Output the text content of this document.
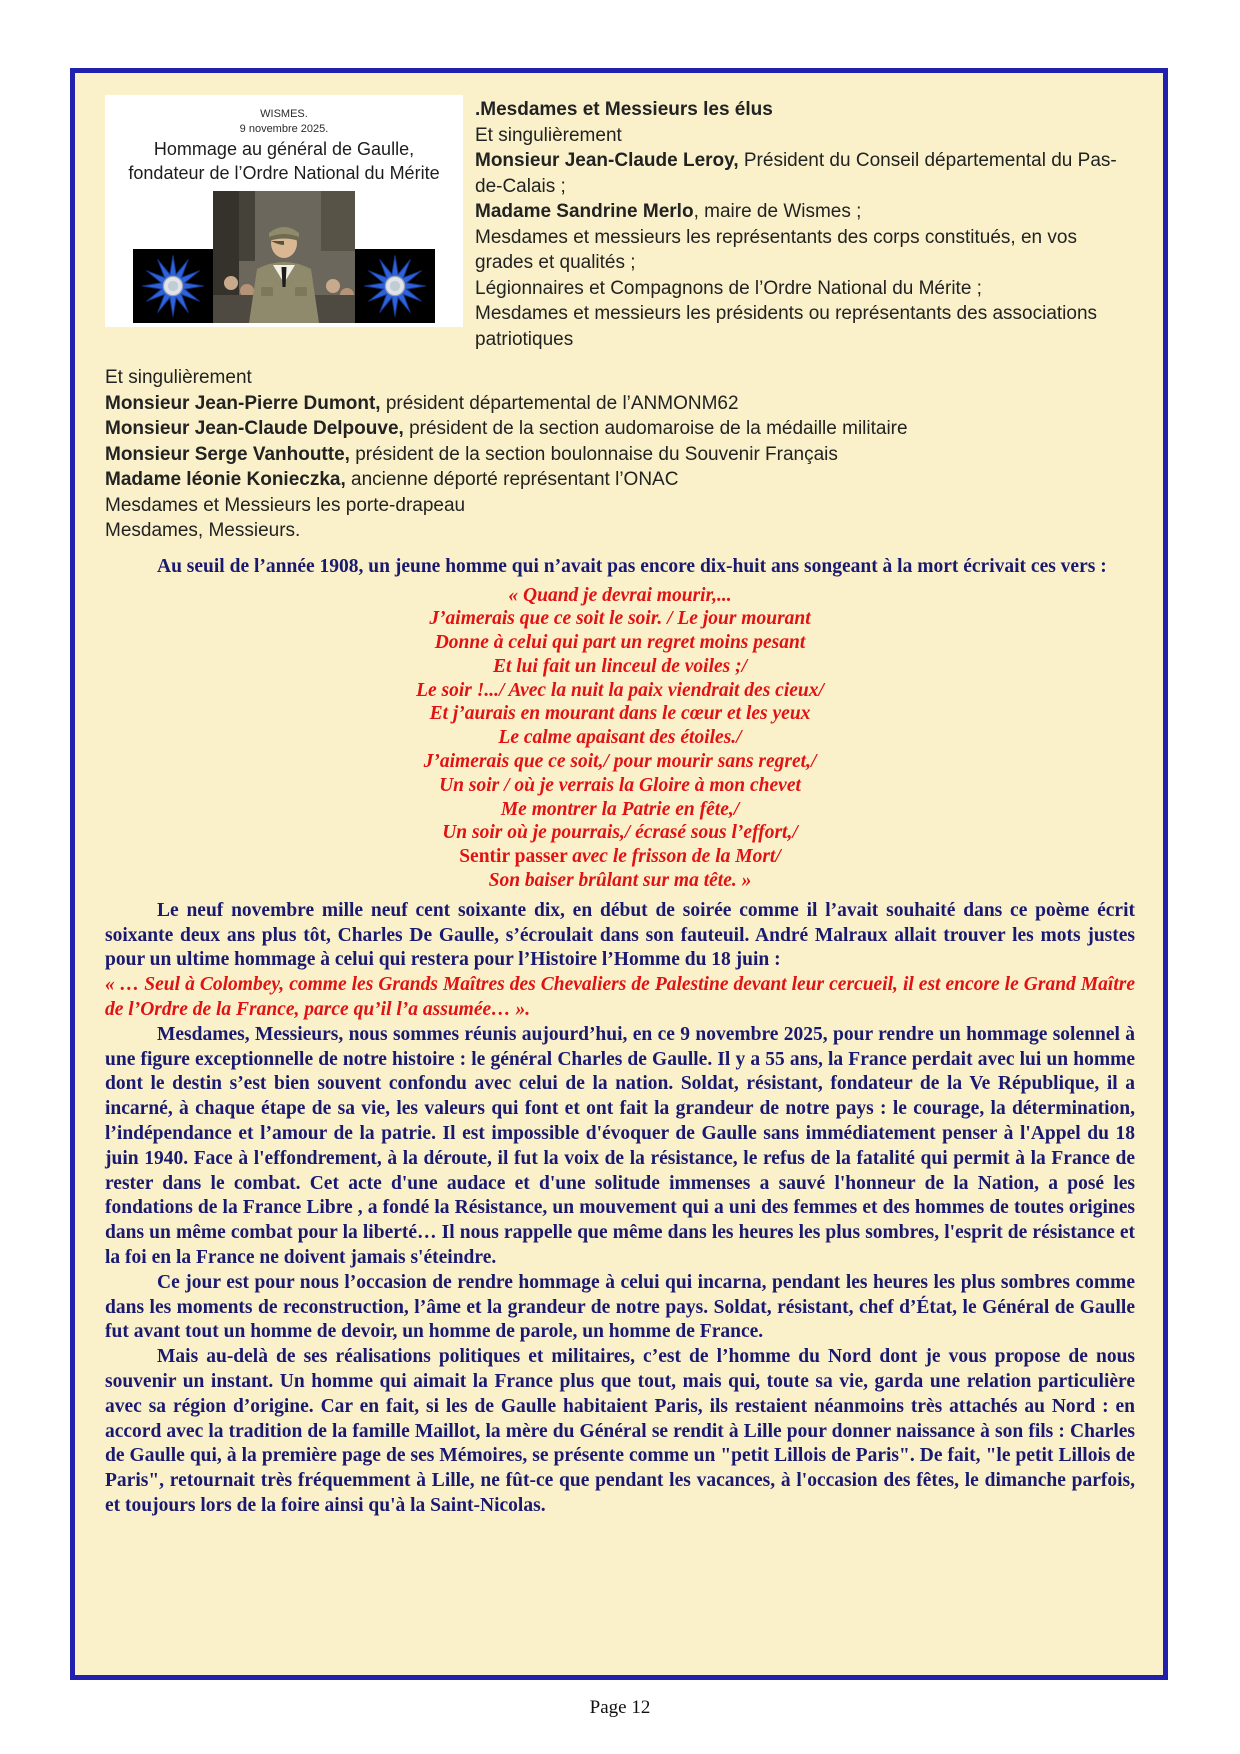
WISMES.
9 novembre 2025.
Hommage au général de Gaulle,
fondateur de l’Ordre National du Mérite
.Mesdames et Messieurs les élus
Et singulièrement
Monsieur Jean-Claude Leroy, Président du Conseil départemental du Pas-de-Calais ;
Madame Sandrine Merlo, maire de Wismes ;
Mesdames et messieurs les représentants des corps constitués, en vos grades et qualités ;
Légionnaires et Compagnons de l’Ordre National du Mérite ;
Mesdames et messieurs les présidents ou représentants des associations patriotiques
Et singulièrement
Monsieur Jean-Pierre Dumont, président départemental de l’ANMONM62
Monsieur Jean-Claude Delpouve, président de la section audomaroise de la médaille militaire
Monsieur Serge Vanhoutte, président de la section boulonnaise du Souvenir Français
Madame léonie Konieczka, ancienne déporté représentant l’ONAC
Mesdames et Messieurs les porte-drapeau
Mesdames, Messieurs.
Au seuil de l’année 1908, un jeune homme qui n’avait pas encore dix-huit ans songeant à la mort écrivait ces vers :
« Quand je devrai mourir,...
J’aimerais que ce soit le soir. / Le jour mourant
Donne à celui qui part un regret moins pesant
Et lui fait un linceul de voiles ;/
Le soir !.../ Avec la nuit la paix viendrait des cieux/
Et j’aurais en mourant dans le cœur et les yeux
Le calme apaisant des étoiles./
J’aimerais que ce soit,/ pour mourir sans regret,/
Un soir / où je verrais la Gloire à mon chevet
Me montrer la Patrie en fête,/
Un soir où je pourrais,/ écrasé sous l’effort,/
Sentir passer avec le frisson de la Mort/
Son baiser brûlant sur ma tête. »
Le neuf novembre mille neuf cent soixante dix, en début de soirée comme il l’avait souhaité dans ce poème écrit soixante deux ans plus tôt, Charles De Gaulle, s’écroulait dans son fauteuil. André Malraux allait trouver les mots justes pour un ultime hommage à celui qui restera pour l’Histoire l’Homme du 18 juin :
« … Seul à Colombey, comme les Grands Maîtres des Chevaliers de Palestine devant leur cercueil, il est encore le Grand Maître de l’Ordre de la France, parce qu’il l’a assumée… ».
Mesdames, Messieurs, nous sommes réunis aujourd’hui, en ce 9 novembre 2025, pour rendre un hommage solennel à une figure exceptionnelle de notre histoire : le général Charles de Gaulle. Il y a 55 ans, la France perdait avec lui un homme dont le destin s’est bien souvent confondu avec celui de la nation. Soldat, résistant, fondateur de la Ve République, il a incarné, à chaque étape de sa vie, les valeurs qui font et ont fait la grandeur de notre pays : le courage, la détermination, l’indépendance et l’amour de la patrie. Il est impossible d'évoquer de Gaulle sans immédiatement penser à l'Appel du 18 juin 1940. Face à l'effondrement, à la déroute, il fut la voix de la résistance, le refus de la fatalité qui permit à la France de rester dans le combat. Cet acte d'une audace et d'une solitude immenses a sauvé l'honneur de la Nation, a posé les fondations de la France Libre , a fondé la Résistance, un mouvement qui a uni des femmes et des hommes de toutes origines dans un même combat pour la liberté… Il nous rappelle que même dans les heures les plus sombres, l'esprit de résistance et la foi en la France ne doivent jamais s'éteindre.
Ce jour est pour nous l’occasion de rendre hommage à celui qui incarna, pendant les heures les plus sombres comme dans les moments de reconstruction, l’âme et la grandeur de notre pays. Soldat, résistant, chef d’État, le Général de Gaulle fut avant tout un homme de devoir, un homme de parole, un homme de France.
Mais au-delà de ses réalisations politiques et militaires, c’est de l’homme du Nord dont je vous propose de nous souvenir un instant. Un homme qui aimait la France plus que tout, mais qui, toute sa vie, garda une relation particulière avec sa région d’origine. Car en fait, si les de Gaulle habitaient Paris, ils restaient néanmoins très attachés au Nord : en accord avec la tradition de la famille Maillot, la mère du Général se rendit à Lille pour donner naissance à son fils : Charles de Gaulle qui, à la première page de ses Mémoires, se présente comme un "petit Lillois de Paris". De fait, "le petit Lillois de Paris", retournait très fréquemment à Lille, ne fût-ce que pendant les vacances, à l'occasion des fêtes, le dimanche parfois, et toujours lors de la foire ainsi qu'à la Saint-Nicolas.
Page 12
